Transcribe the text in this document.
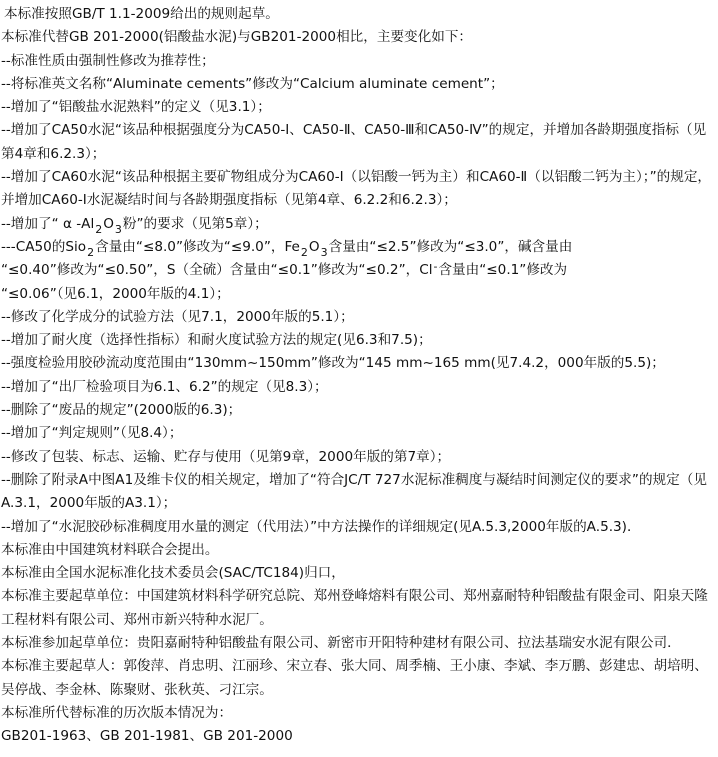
本标准按照GB/T 1.1-2009给出的规则起草。
本标准代替GB 201-2000(铝酸盐水泥)与GB201-2000相比，主要变化如下：
--标准性质由强制性修改为推荐性；
--将标准英文名称“Aluminate cements”修改为“Calcium aluminate cement”；
--增加了“铝酸盐水泥熟料”的定义（见3.1）；
--增加了CA50水泥“该品种根据强度分为CA50-I、CA50-Ⅱ、CA50-Ⅲ和CA50-Ⅳ”的规定，并增加各龄期强度指标（见第4章和6.2.3）；
--增加了CA60水泥“该品种根据主要矿物组成分为CA60-I（以铝酸一钙为主）和CA60-Ⅱ（以铝酸二钙为主）；”的规定，并增加CA60-I水泥凝结时间与各龄期强度指标（见第4章、6.2.2和6.2.3）；
--增加了“ α $-Al_2O_3$粉”的要求（见第5章）；
---CA50的Sio$_2$含量由“≤8.0”修改为“≤9.0”，$Fe_2O_3$含量由“≤2.5”修改为“≤3.0”，碱含量由
“≤0.40”修改为“≤0.50”，S（全硫）含量由“≤0.1”修改为“≤0.2”，Cl-含量由“≤0.1”修改为
“≤0.06”（见6.1，2000年版的4.1）；
--修改了化学成分的试验方法（见7.1，2000年版的5.1）；
--增加了耐火度（选择性指标）和耐火度试验方法的规定(见6.3和7.5)；
--强度检验用胶砂流动度范围由“130mm~150mm”修改为“145 mm~165 mm(见7.4.2，000年版的5.5)；
--增加了“出厂检验项目为6.1、6.2”的规定（见8.3）；
--删除了“废品的规定”(2000版的6.3)；
--增加了“判定规则”（见8.4）；
--修改了包装、标志、运输、贮存与使用（见第9章，2000年版的第7章）；
--删除了附录A中图A1及维卡仪的相关规定，增加了“符合JC/T 727水泥标准稠度与凝结时间测定仪的要求”的规定（见A.3.1，2000年版的A3.1）；
--增加了“水泥胶砂标准稠度用水量的测定（代用法）”中方法操作的详细规定(见A.5.3,2000年版的A.5.3)．
本标准由中国建筑材料联合会提出。
本标准由全国水泥标准化技术委员会(SAC/TC184)归口，
本标准主要起草单位：中国建筑材料科学研究总院、郑州登峰熔料有限公司、郑州嘉耐特种铝酸盐有限金司、阳泉天隆工程材料有限公司、郑州市新兴特种水泥厂。
本标准参加起草单位：贵阳嘉耐特种铝酸盐有限公司、新密市开阳特种建材有限公司、拉法基瑞安水泥有限公司．
本标准主要起草人：郭俊萍、肖忠明、江丽珍、宋立春、张大同、周季楠、王小康、李斌、李万鹏、彭建忠、胡培明、吴停战、李金林、陈聚财、张秋英、刁江宗。
本标准所代替标准的历次版本情况为：
GB201-1963、GB 201-1981、GB 201-2000
